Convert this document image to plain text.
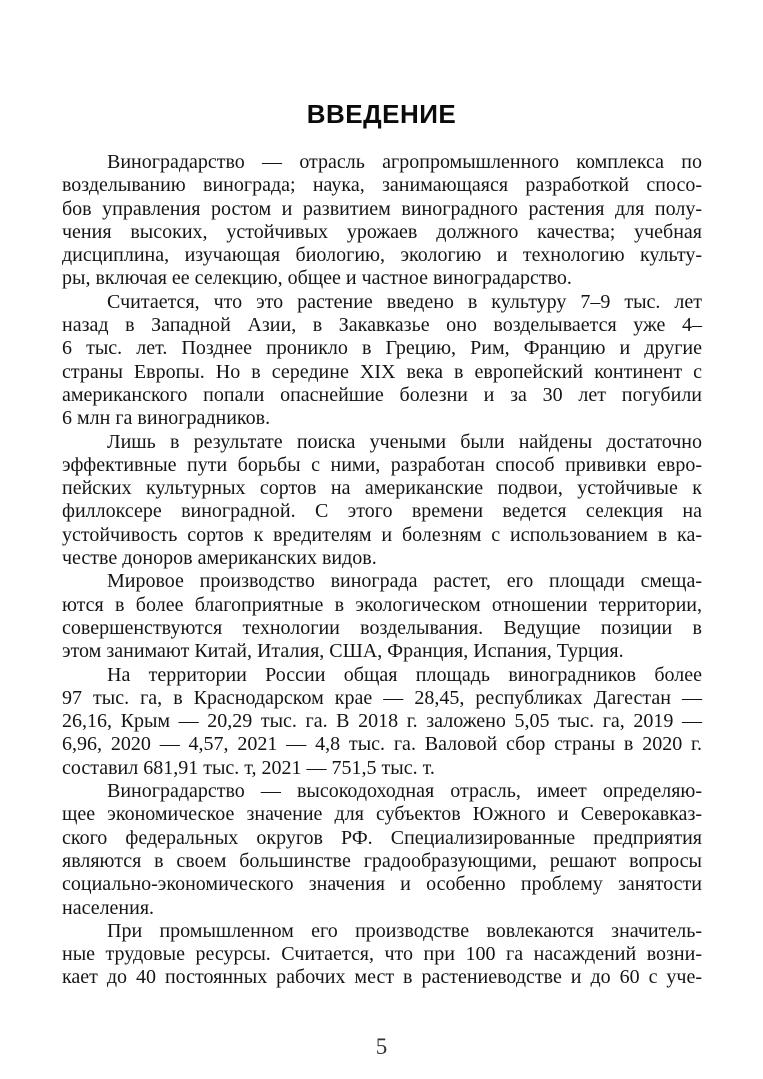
ВВЕДЕНИЕ
Виноградарство — отрасль агропромышленного комплекса по
возделыванию винограда; наука, занимающаяся разработкой спосо-
бов управления ростом и развитием виноградного растения для полу-
чения высоких, устойчивых урожаев должного качества; учебная
дисциплина, изучающая биологию, экологию и технологию культу-
ры, включая ее селекцию, общее и частное виноградарство.
Считается, что это растение введено в культуру 7–9 тыс. лет
назад в Западной Азии, в Закавказье оно возделывается уже 4–
6 тыс. лет. Позднее проникло в Грецию, Рим, Францию и другие
страны Европы. Но в середине XIX века в европейский континент с
американского попали опаснейшие болезни и за 30 лет погубили
6 млн га виноградников.
Лишь в результате поиска учеными были найдены достаточно
эффективные пути борьбы с ними, разработан способ прививки евро-
пейских культурных сортов на американские подвои, устойчивые к
филлоксере виноградной. С этого времени ведется селекция на
устойчивость сортов к вредителям и болезням с использованием в ка-
честве доноров американских видов.
Мировое производство винограда растет, его площади смеща-
ются в более благоприятные в экологическом отношении территории,
совершенствуются технологии возделывания. Ведущие позиции в
этом занимают Китай, Италия, США, Франция, Испания, Турция.
На территории России общая площадь виноградников более
97 тыс. га, в Краснодарском крае — 28,45, республиках Дагестан —
26,16, Крым — 20,29 тыс. га. В 2018 г. заложено 5,05 тыс. га, 2019 —
6,96, 2020 — 4,57, 2021 — 4,8 тыс. га. Валовой сбор страны в 2020 г.
составил 681,91 тыс. т, 2021 — 751,5 тыс. т.
Виноградарство — высокодоходная отрасль, имеет определяю-
щее экономическое значение для субъектов Южного и Северокавказ-
ского федеральных округов РФ. Специализированные предприятия
являются в своем большинстве градообразующими, решают вопросы
социально-экономического значения и особенно проблему занятости
населения.
При промышленном его производстве вовлекаются значитель-
ные трудовые ресурсы. Считается, что при 100 га насаждений возни-
кает до 40 постоянных рабочих мест в растениеводстве и до 60 с уче-
5
